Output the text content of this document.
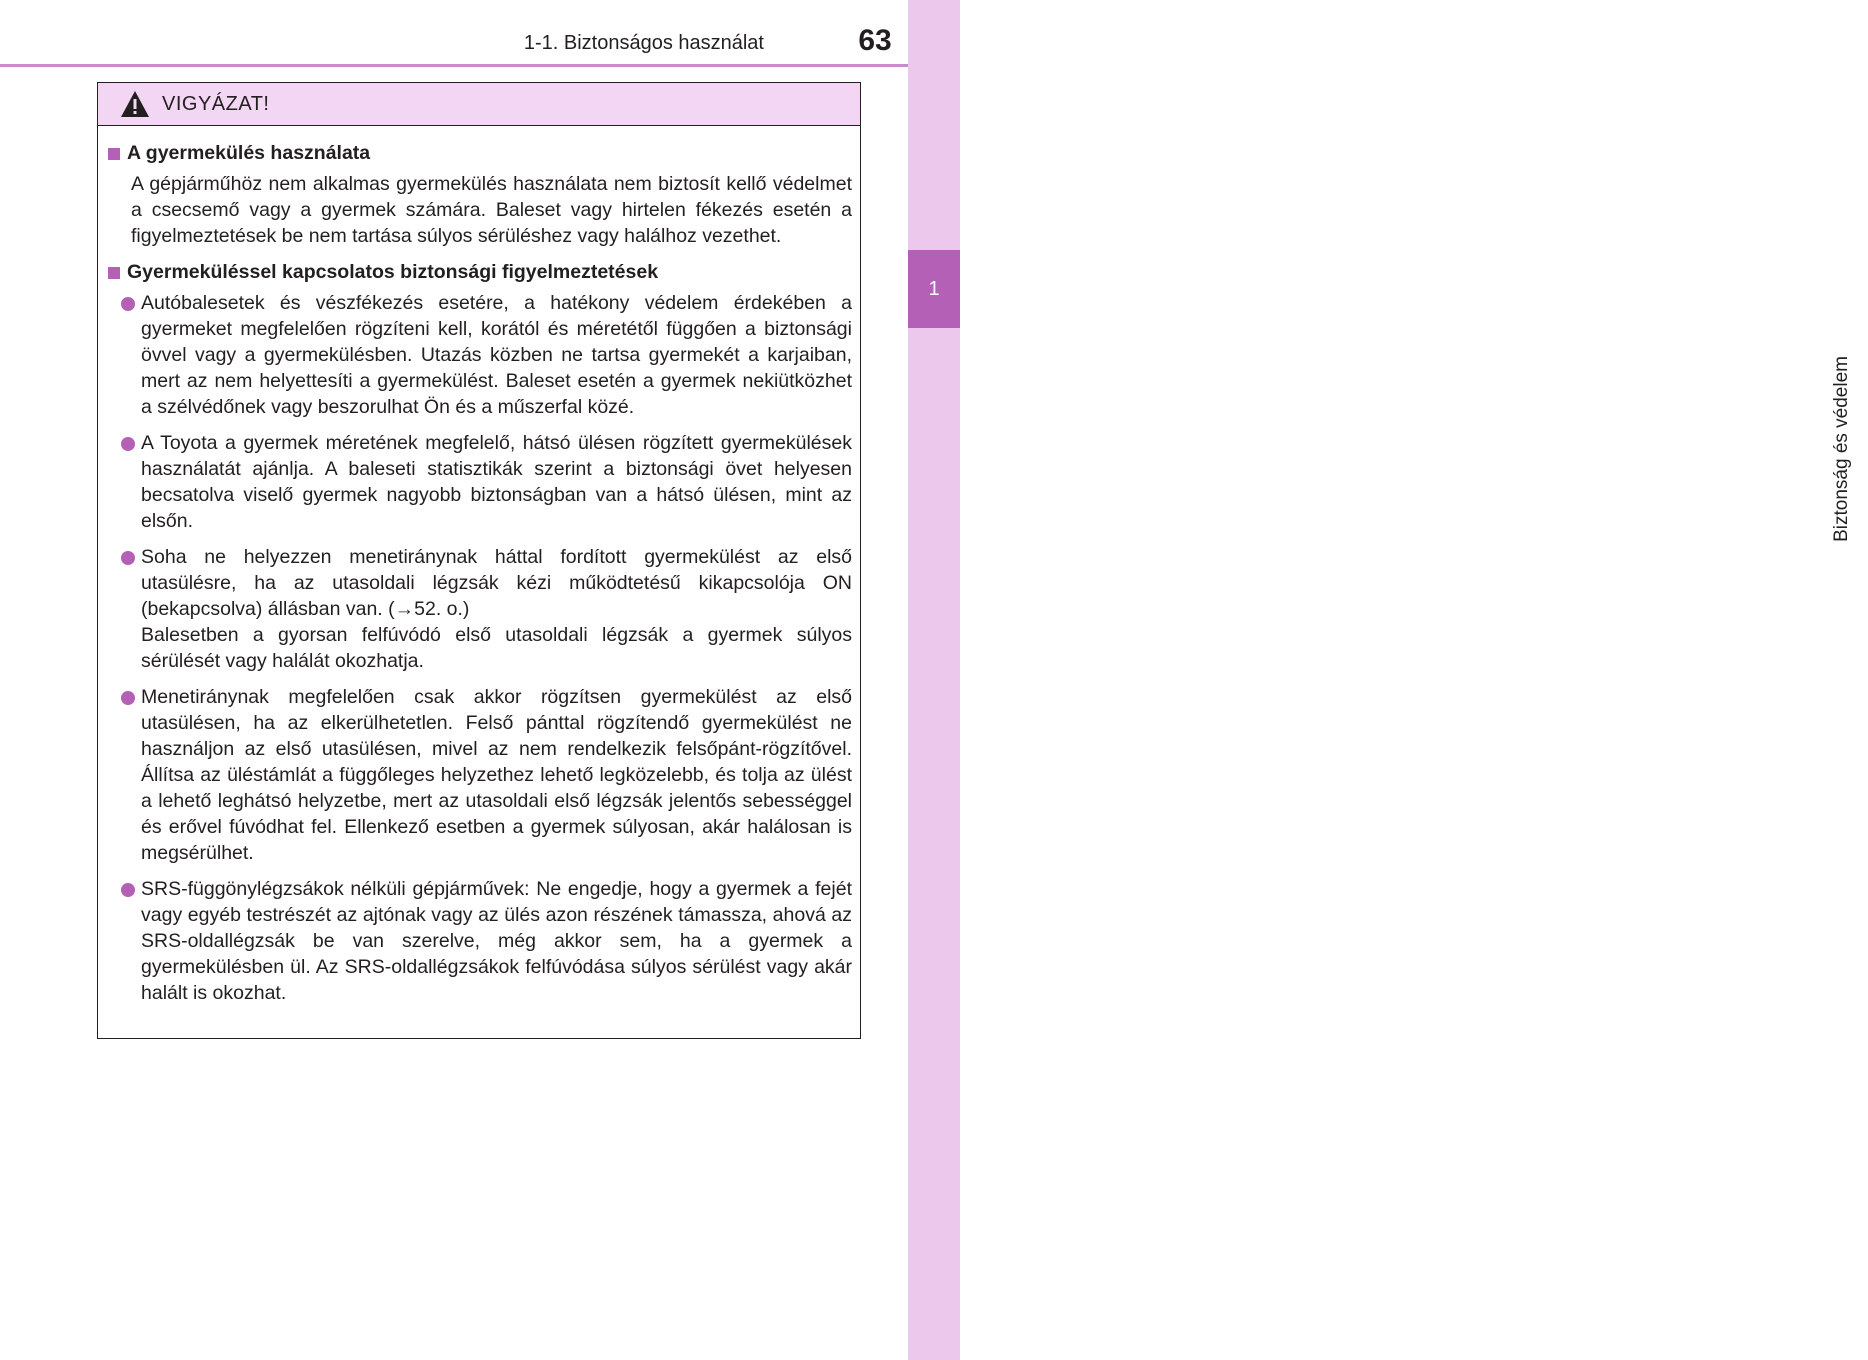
1-1. Biztonságos használat	63
1
Biztonság és védelem
VIGYÁZAT!
A gyermekülés használata
A gépjárműhöz nem alkalmas gyermekülés használata nem biztosít kellő védelmet a csecsemő vagy a gyermek számára. Baleset vagy hirtelen fékezés esetén a figyelmeztetések be nem tartása súlyos sérüléshez vagy halálhoz vezethet.
Gyermeküléssel kapcsolatos biztonsági figyelmeztetések

Autóbalesetek és vészfékezés esetére, a hatékony védelem érdekében a gyermeket megfelelően rögzíteni kell, korától és méretétől függően a biztonsági övvel vagy a gyermekülésben. Utazás közben ne tartsa gyermekét a karjaiban, mert az nem helyettesíti a gyermekülést. Baleset esetén a gyermek nekiütközhet a szélvédőnek vagy beszorulhat Ön és a műszerfal közé.

A Toyota a gyermek méretének megfelelő, hátsó ülésen rögzített gyermekülések használatát ajánlja. A baleseti statisztikák szerint a biztonsági övet helyesen becsatolva viselő gyermek nagyobb biztonságban van a hátsó ülésen, mint az elsőn.

Soha ne helyezzen menetiránynak háttal fordított gyermekülést az első utasülésre, ha az utasoldali légzsák kézi működtetésű kikapcsolója ON (bekapcsolva) állásban van. (→52. o.)

Balesetben a gyorsan felfúvódó első utasoldali légzsák a gyermek súlyos sérülését vagy halálát okozhatja.

Menetiránynak megfelelően csak akkor rögzítsen gyermekülést az első utasülésen, ha az elkerülhetetlen. Felső pánttal rögzítendő gyermekülést ne használjon az első utasülésen, mivel az nem rendelkezik felsőpánt-rögzítővel. Állítsa az üléstámlát a függőleges helyzethez lehető legközelebb, és tolja az ülést a lehető leghátsó helyzetbe, mert az utasoldali első légzsák jelentős sebességgel és erővel fúvódhat fel. Ellenkező esetben a gyermek súlyosan, akár halálosan is megsérülhet.

SRS-függönylégzsákok nélküli gépjárművek: Ne engedje, hogy a gyermek a fejét vagy egyéb testrészét az ajtónak vagy az ülés azon részének támassza, ahová az SRS-oldallégzsák be van szerelve, még akkor sem, ha a gyermek a gyermekülésben ül. Az SRS-oldallégzsákok felfúvódása súlyos sérülést vagy akár halált is okozhat.
